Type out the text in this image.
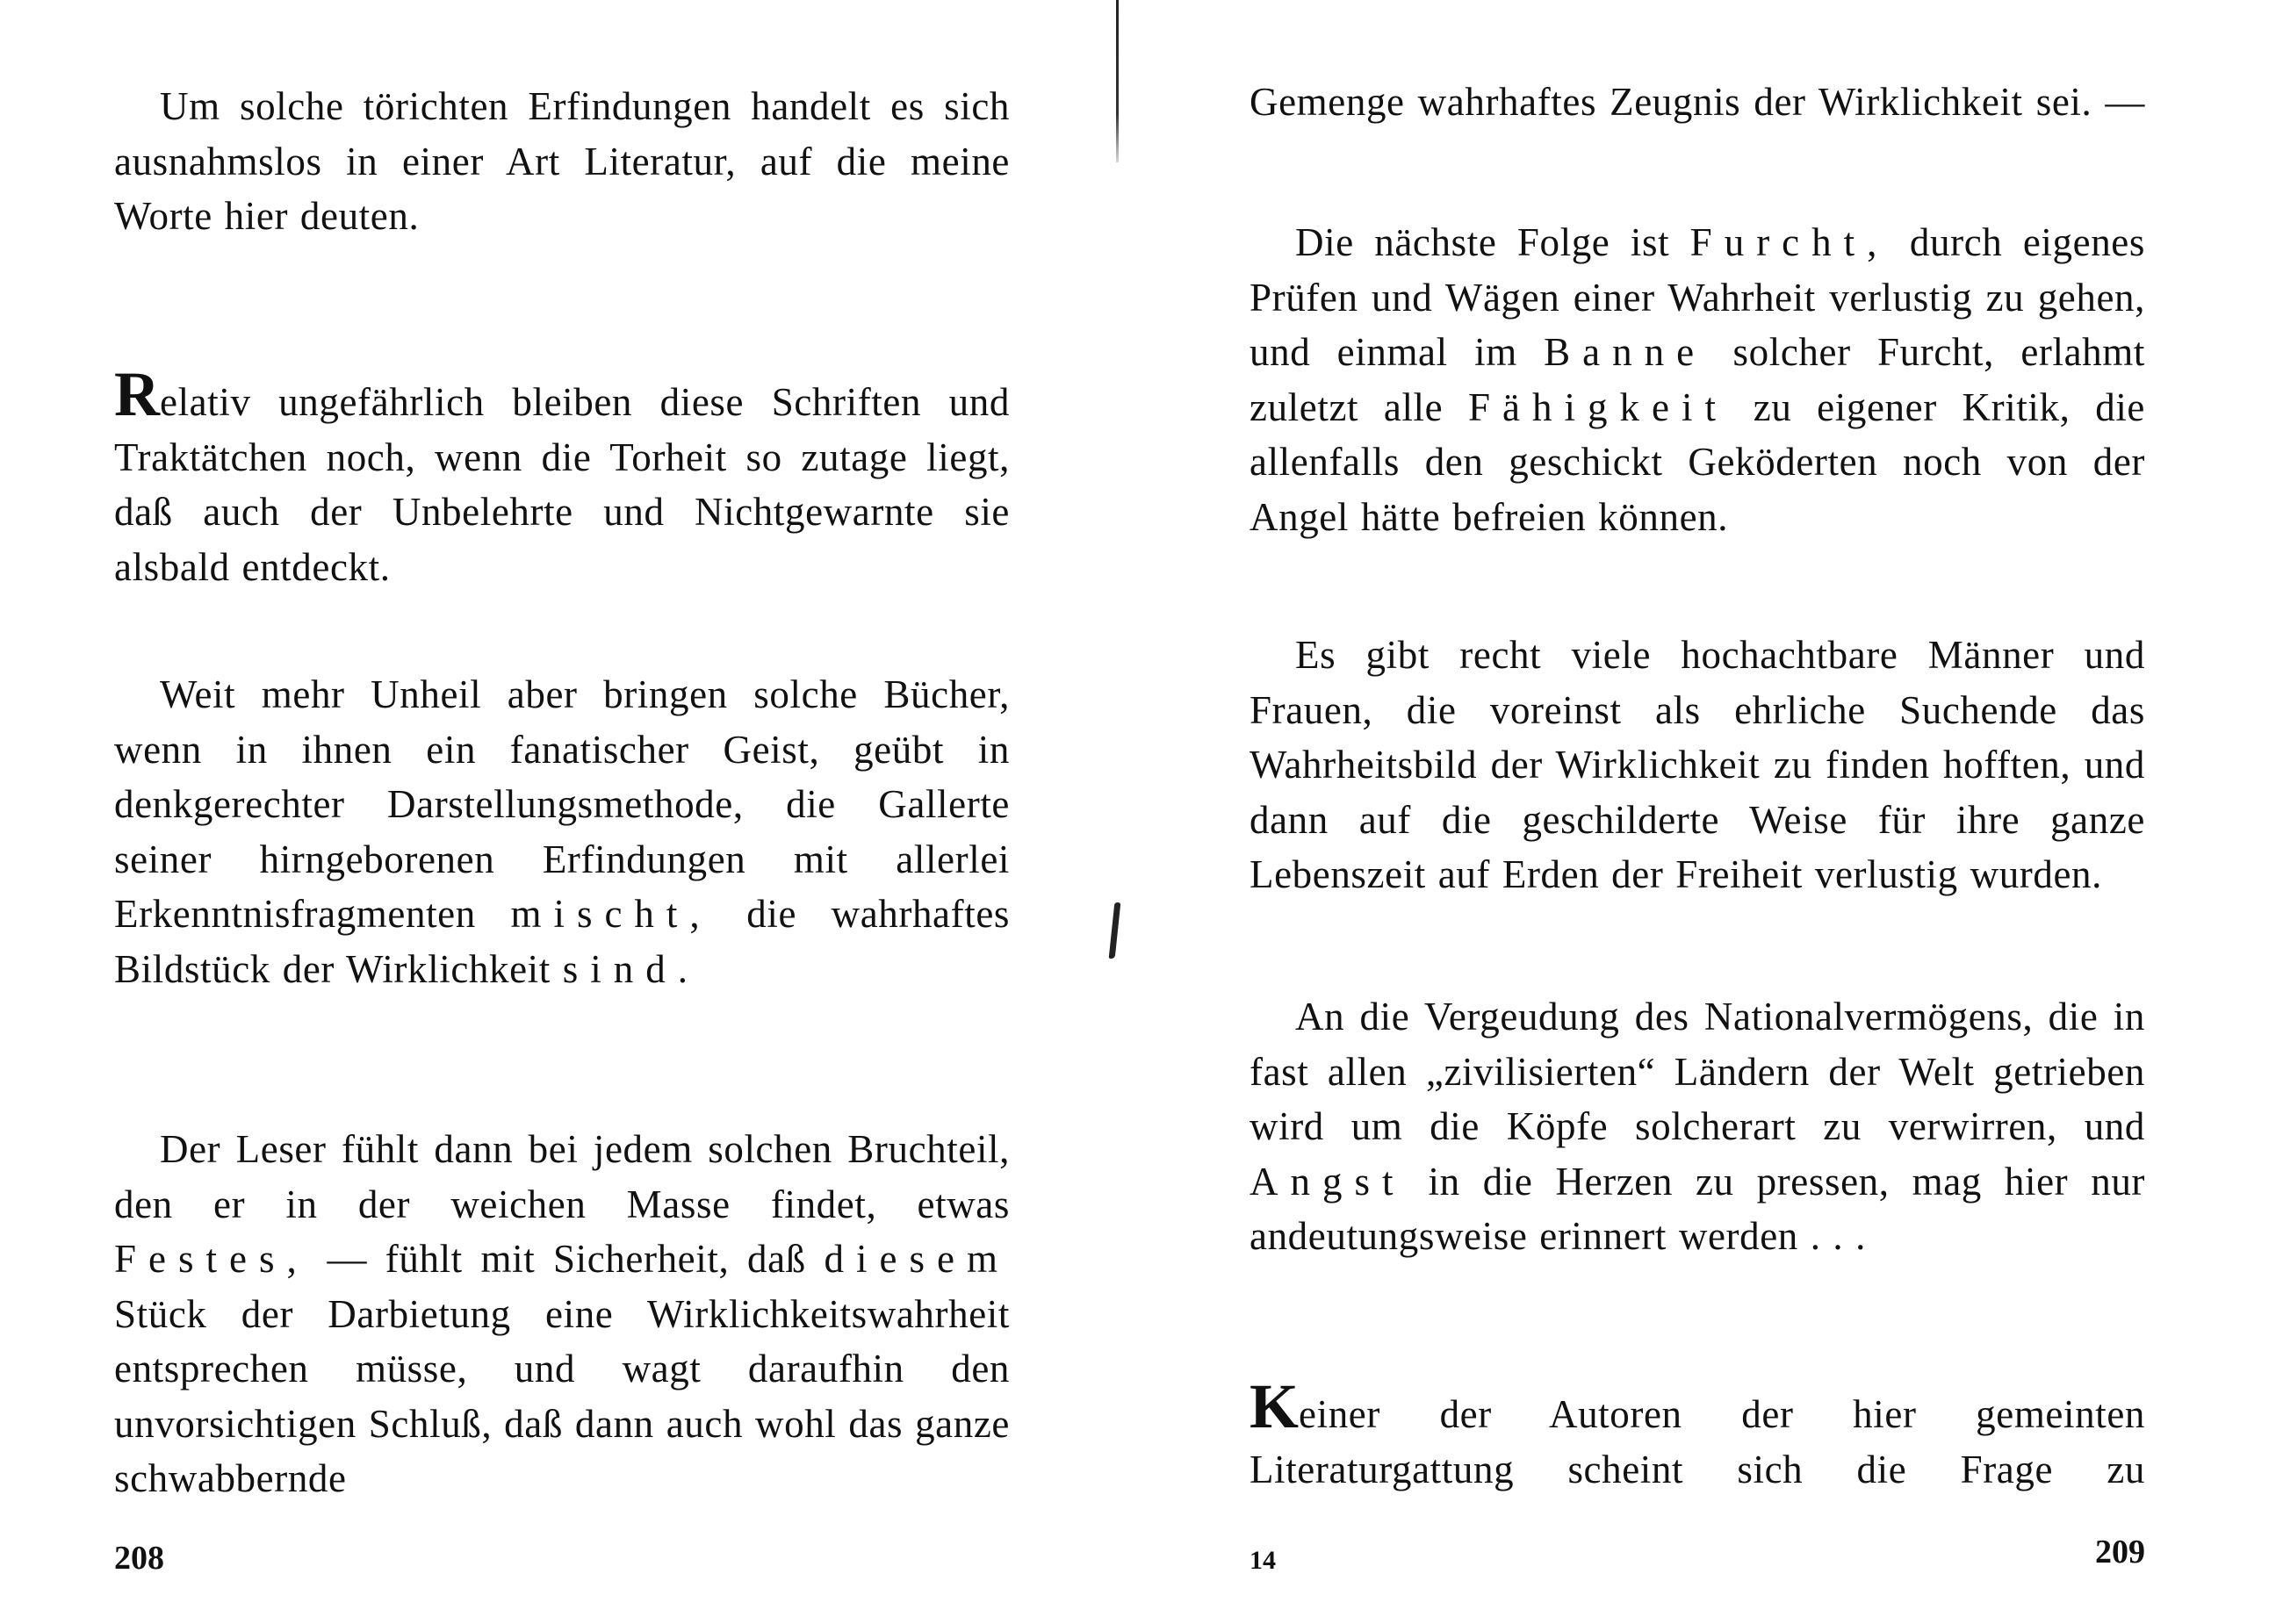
Um solche törichten Erfindungen handelt es sich ausnahmslos in einer Art Literatur, auf die meine Worte hier deuten.

Relativ ungefährlich bleiben diese Schriften und Traktätchen noch, wenn die Torheit so zutage liegt, daß auch der Unbelehrte und Nichtgewarnte sie alsbald entdeckt.

Weit mehr Unheil aber bringen solche Bücher, wenn in ihnen ein fanatischer Geist, geübt in denkgerechter Darstellungsmethode, die Gallerte seiner hirngeborenen Erfindungen mit allerlei Erkenntnisfragmenten mischt, die wahrhaftes Bildstück der Wirklichkeit sind.

Der Leser fühlt dann bei jedem solchen Bruchteil, den er in der weichen Masse findet, etwas Festes, — fühlt mit Sicherheit, daß diesem Stück der Darbietung eine Wirklichkeitswahrheit entsprechen müsse, und wagt daraufhin den unvorsichtigen Schluß, daß dann auch wohl das ganze schwabbernde

208

Gemenge wahrhaftes Zeugnis der Wirklichkeit sei. —

Die nächste Folge ist Furcht, durch eigenes Prüfen und Wägen einer Wahrheit verlustig zu gehen, und einmal im Banne solcher Furcht, erlahmt zuletzt alle Fähigkeit zu eigener Kritik, die allenfalls den geschickt Geköderten noch von der Angel hätte befreien können.

Es gibt recht viele hochachtbare Männer und Frauen, die voreinst als ehrliche Suchende das Wahrheitsbild der Wirklichkeit zu finden hofften, und dann auf die geschilderte Weise für ihre ganze Lebenszeit auf Erden der Freiheit verlustig wurden.

An die Vergeudung des Nationalvermögens, die in fast allen „zivilisierten“ Ländern der Welt getrieben wird um die Köpfe solcherart zu verwirren, und Angst in die Herzen zu pressen, mag hier nur andeutungsweise erinnert werden . . .

Keiner der Autoren der hier gemeinten Literaturgattung scheint sich die Frage zu

14	209
